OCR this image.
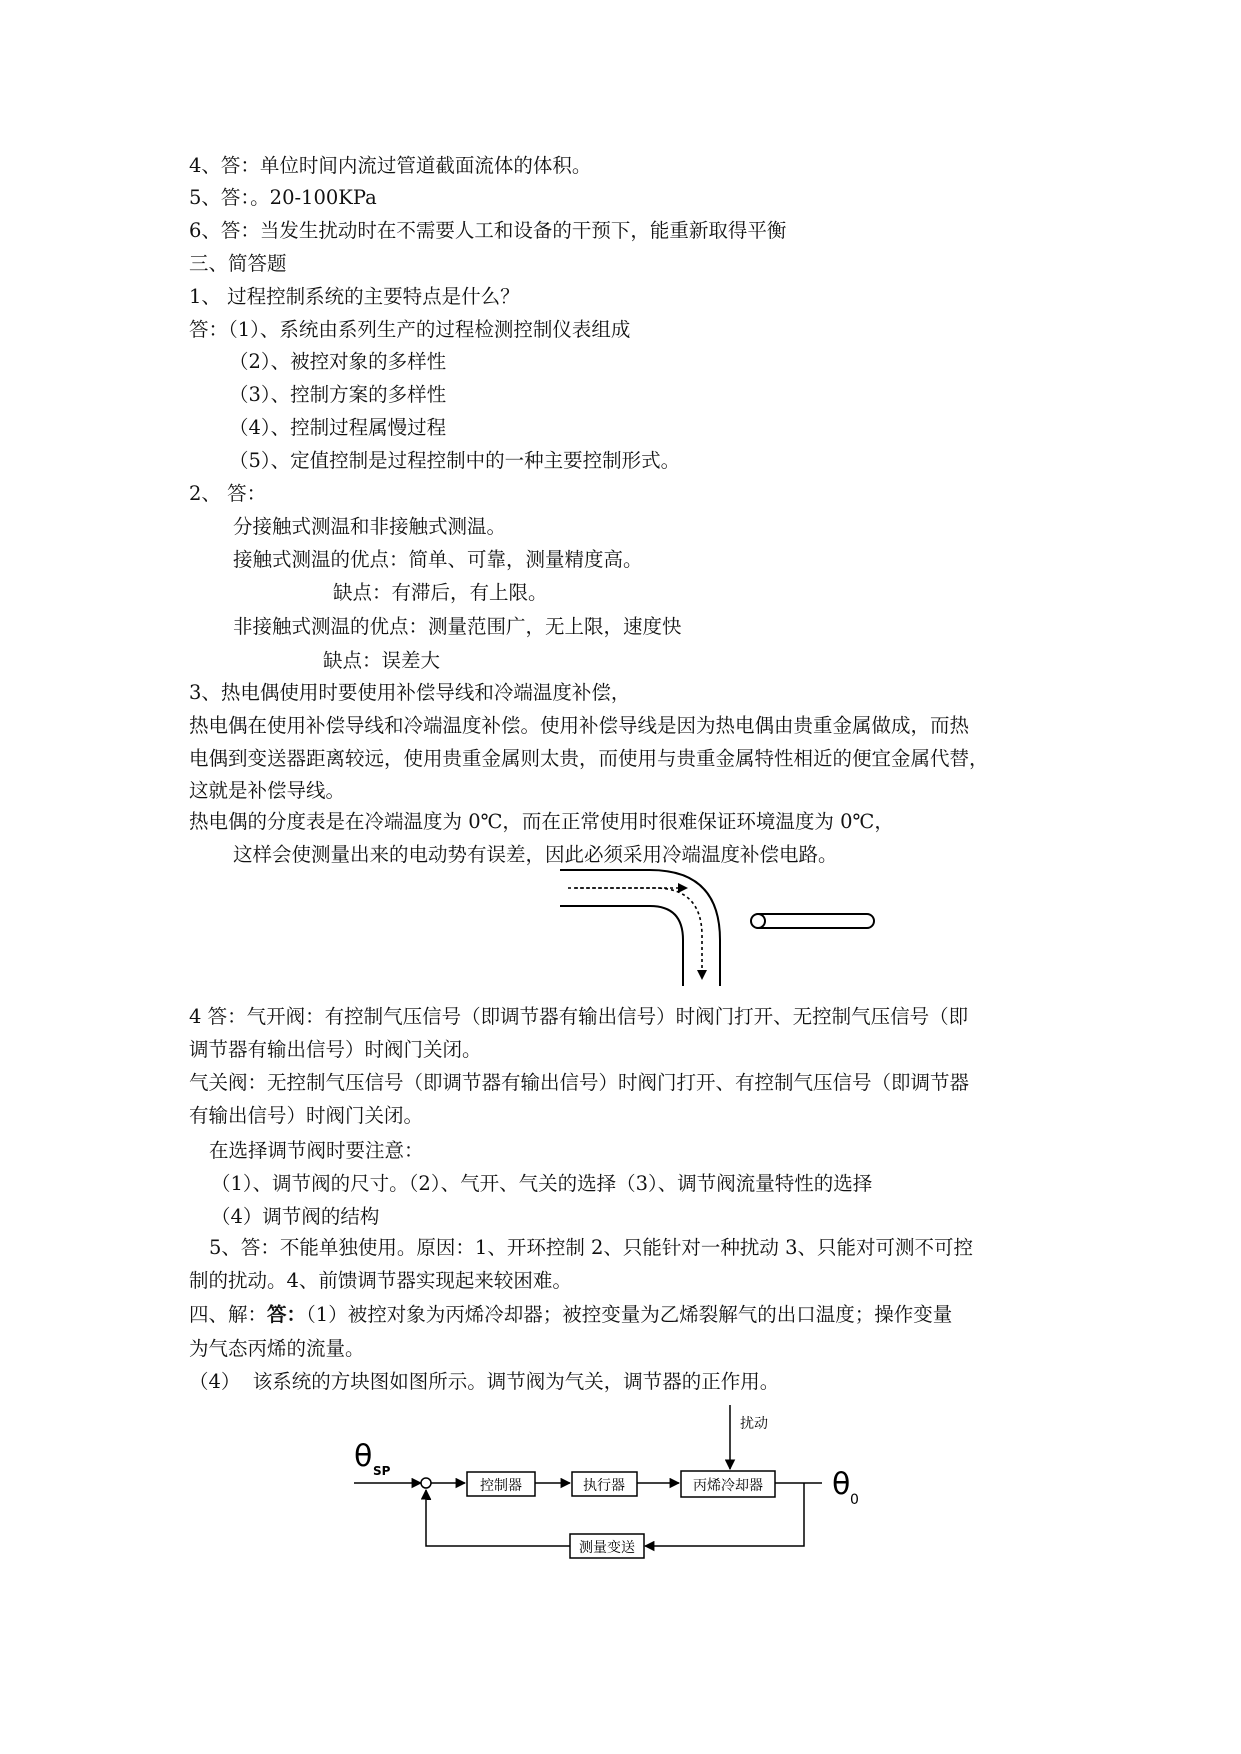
4、答：单位时间内流过管道截面流体的体积。
5、答：。20-100KPa
6、答：当发生扰动时在不需要人工和设备的干预下，能重新取得平衡
三、简答题
1、 过程控制系统的主要特点是什么？
答：（1）、系统由系列生产的过程检测控制仪表组成
（2）、被控对象的多样性
（3）、控制方案的多样性
（4）、控制过程属慢过程
（5）、定值控制是过程控制中的一种主要控制形式。
2、 答：
分接触式测温和非接触式测温。
接触式测温的优点：简单、可靠，测量精度高。
缺点：有滞后，有上限。
非接触式测温的优点：测量范围广，无上限，速度快
缺点：误差大
3、热电偶使用时要使用补偿导线和冷端温度补偿，
热电偶在使用补偿导线和冷端温度补偿。使用补偿导线是因为热电偶由贵重金属做成，而热
电偶到变送器距离较远，使用贵重金属则太贵，而使用与贵重金属特性相近的便宜金属代替，
这就是补偿导线。
热电偶的分度表是在冷端温度为 0℃，而在正常使用时很难保证环境温度为 0℃，
这样会使测量出来的电动势有误差，因此必须采用冷端温度补偿电路。
4 答：气开阀：有控制气压信号（即调节器有输出信号）时阀门打开、无控制气压信号（即
调节器有输出信号）时阀门关闭。
气关阀：无控制气压信号（即调节器有输出信号）时阀门打开、有控制气压信号（即调节器
有输出信号）时阀门关闭。
在选择调节阀时要注意：
（1）、调节阀的尺寸。（2）、气开、气关的选择（3）、调节阀流量特性的选择
（4）调节阀的结构
5、答：不能单独使用。原因：1、开环控制 2、只能针对一种扰动 3、只能对可测不可控
制的扰动。4、前馈调节器实现起来较困难。
四、解：答：（1）被控对象为丙烯冷却器；被控变量为乙烯裂解气的出口温度；操作变量
为气态丙烯的流量。
（4）  该系统的方块图如图所示。调节阀为气关，调节器的正作用。
θ SP
-
控制器	执行器	丙烯冷却器
扰动
θ 0
测量变送
